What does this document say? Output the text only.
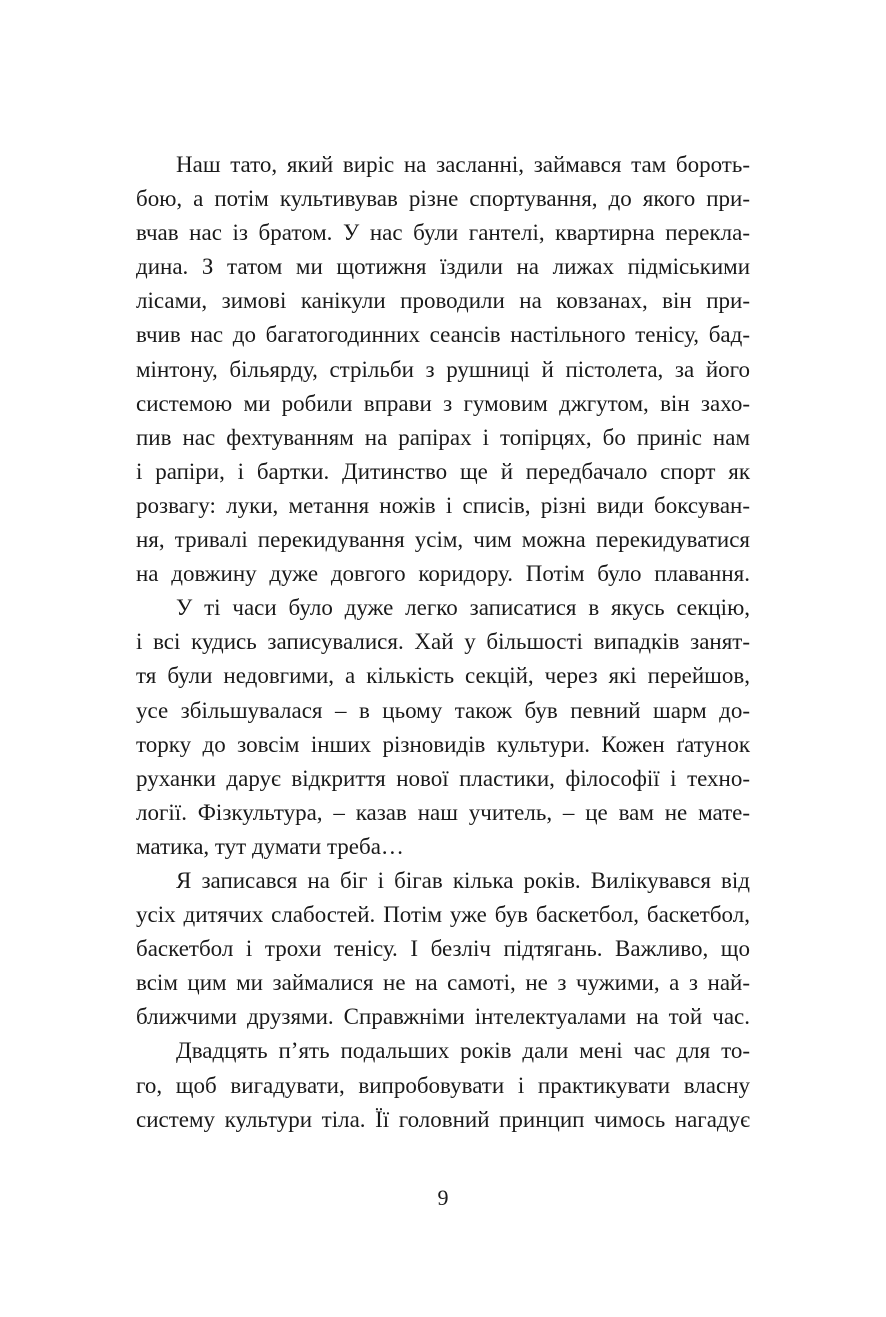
Наш тато, який виріс на засланні, займався там бороть-
бою, а потім культивував різне спортування, до якого при-
вчав нас із братом. У нас були гантелі, квартирна перекла-
дина. З татом ми щотижня їздили на лижах підміськими
лісами, зимові канікули проводили на ковзанах, він при-
вчив нас до багатогодинних сеансів настільного тенісу, бад-
мінтону, більярду, стрільби з рушниці й пістолета, за його
системою ми робили вправи з гумовим джгутом, він захо-
пив нас фехтуванням на рапірах і топірцях, бо приніс нам
і рапіри, і бартки. Дитинство ще й передбачало спорт як
розвагу: луки, метання ножів і списів, різні види боксуван-
ня, тривалі перекидування усім, чим можна перекидуватися
на довжину дуже довгого коридору. Потім було плавання.
У ті часи було дуже легко записатися в якусь секцію,
і всі кудись записувалися. Хай у більшості випадків занят-
тя були недовгими, а кількість секцій, через які перейшов,
усе збільшувалася – в цьому також був певний шарм до-
торку до зовсім інших різновидів культури. Кожен ґатунок
руханки дарує відкриття нової пластики, філософії і техно-
логії. Фізкультура, – казав наш учитель, – це вам не мате-
матика, тут думати треба…
Я записався на біг і бігав кілька років. Вилікувався від
усіх дитячих слабостей. Потім уже був баскетбол, баскетбол,
баскетбол і трохи тенісу. І безліч підтягань. Важливо, що
всім цим ми займалися не на самоті, не з чужими, а з най-
ближчими друзями. Справжніми інтелектуалами на той час.
Двадцять п’ять подальших років дали мені час для то-
го, щоб вигадувати, випробовувати і практикувати власну
систему культури тіла. Її головний принцип чимось нагадує
9
